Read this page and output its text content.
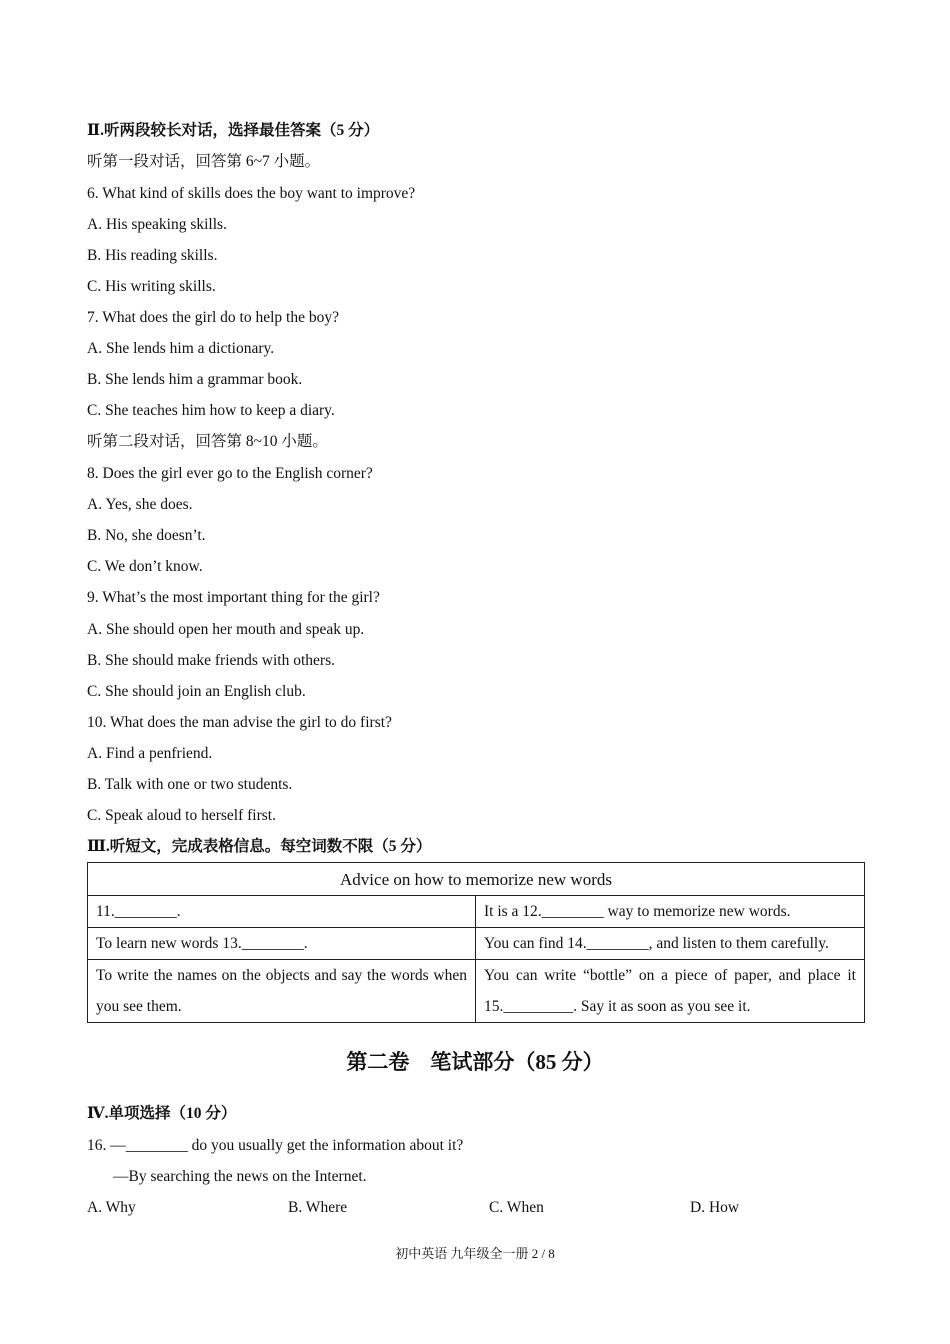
Ⅱ.听两段较长对话，选择最佳答案（5 分）
听第一段对话，回答第 6~7 小题。
6. What kind of skills does the boy want to improve?
A. His speaking skills.
B. His reading skills.
C. His writing skills.
7. What does the girl do to help the boy?
A. She lends him a dictionary.
B. She lends him a grammar book.
C. She teaches him how to keep a diary.
听第二段对话，回答第 8~10 小题。
8. Does the girl ever go to the English corner?
A. Yes, she does.
B. No, she doesn’t.
C. We don’t know.
9. What’s the most important thing for the girl?
A. She should open her mouth and speak up.
B. She should make friends with others.
C. She should join an English club.
10. What does the man advise the girl to do first?
A. Find a penfriend.
B. Talk with one or two students.
C. Speak aloud to herself first.
Ⅲ.听短文，完成表格信息。每空词数不限（5 分）
Advice on how to memorize new words	
11.________.	It is a 12.________ way to memorize new words.
To learn new words 13.________.	You can find 14.________, and listen to them carefully.
To write the names on the objects and say the words when you see them.	You can write “bottle” on a piece of paper, and place it 15._________. Say it as soon as you see it.
第二卷　笔试部分（85 分）
Ⅳ.单项选择（10 分）
16. —________ do you usually get the information about it?
—By searching the news on the Internet.
A. Why	B. Where	C. When	D. How
初中英语 九年级全一册 2 / 8
